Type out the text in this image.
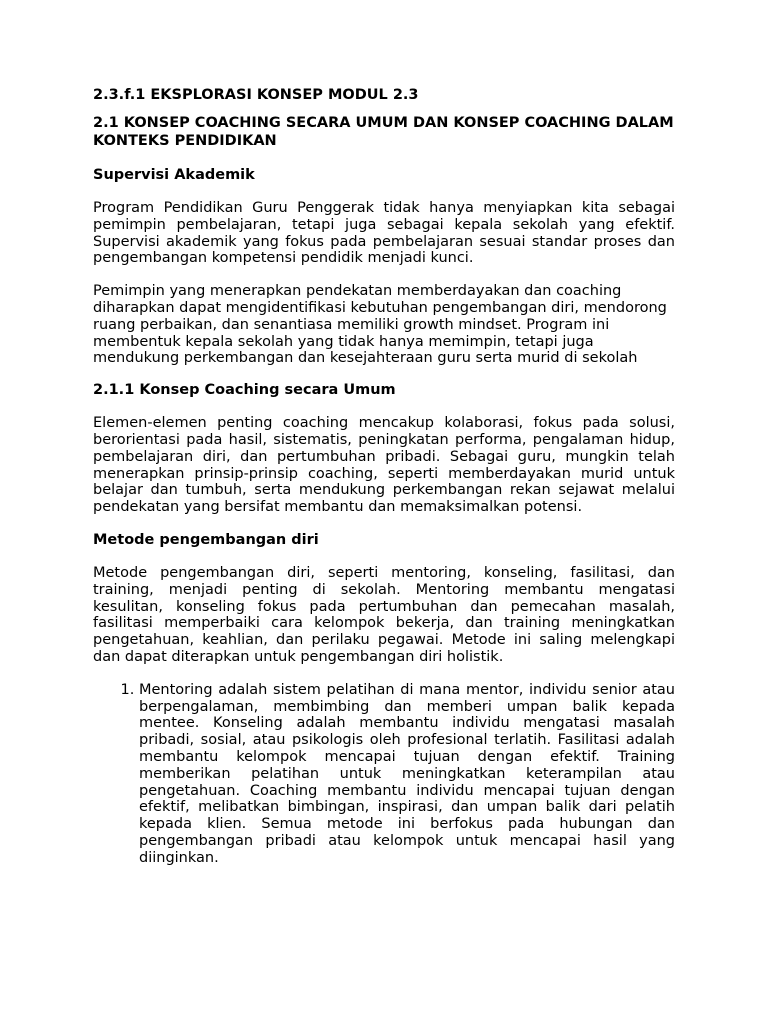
2.3.f.1 EKSPLORASI KONSEP MODUL 2.3

2.1 KONSEP COACHING SECARA UMUM DAN KONSEP COACHING DALAM KONTEKS PENDIDIKAN

Supervisi Akademik

Program Pendidikan Guru Penggerak tidak hanya menyiapkan kita sebagai pemimpin pembelajaran, tetapi juga sebagai kepala sekolah yang efektif. Supervisi akademik yang fokus pada pembelajaran sesuai standar proses dan pengembangan kompetensi pendidik menjadi kunci.

Pemimpin yang menerapkan pendekatan memberdayakan dan coaching diharapkan dapat mengidentifikasi kebutuhan pengembangan diri, mendorong ruang perbaikan, dan senantiasa memiliki growth mindset. Program ini membentuk kepala sekolah yang tidak hanya memimpin, tetapi juga mendukung perkembangan dan kesejahteraan guru serta murid di sekolah

2.1.1 Konsep Coaching secara Umum

Elemen-elemen penting coaching mencakup kolaborasi, fokus pada solusi, berorientasi pada hasil, sistematis, peningkatan performa, pengalaman hidup, pembelajaran diri, dan pertumbuhan pribadi. Sebagai guru, mungkin telah menerapkan prinsip-prinsip coaching, seperti memberdayakan murid untuk belajar dan tumbuh, serta mendukung perkembangan rekan sejawat melalui pendekatan yang bersifat membantu dan memaksimalkan potensi.

Metode pengembangan diri

Metode pengembangan diri, seperti mentoring, konseling, fasilitasi, dan training, menjadi penting di sekolah. Mentoring membantu mengatasi kesulitan, konseling fokus pada pertumbuhan dan pemecahan masalah, fasilitasi memperbaiki cara kelompok bekerja, dan training meningkatkan pengetahuan, keahlian, dan perilaku pegawai. Metode ini saling melengkapi dan dapat diterapkan untuk pengembangan diri holistik.

1. Mentoring adalah sistem pelatihan di mana mentor, individu senior atau berpengalaman, membimbing dan memberi umpan balik kepada mentee. Konseling adalah membantu individu mengatasi masalah pribadi, sosial, atau psikologis oleh profesional terlatih. Fasilitasi adalah membantu kelompok mencapai tujuan dengan efektif. Training memberikan pelatihan untuk meningkatkan keterampilan atau pengetahuan. Coaching membantu individu mencapai tujuan dengan efektif, melibatkan bimbingan, inspirasi, dan umpan balik dari pelatih kepada klien. Semua metode ini berfokus pada hubungan dan pengembangan pribadi atau kelompok untuk mencapai hasil yang diinginkan.
